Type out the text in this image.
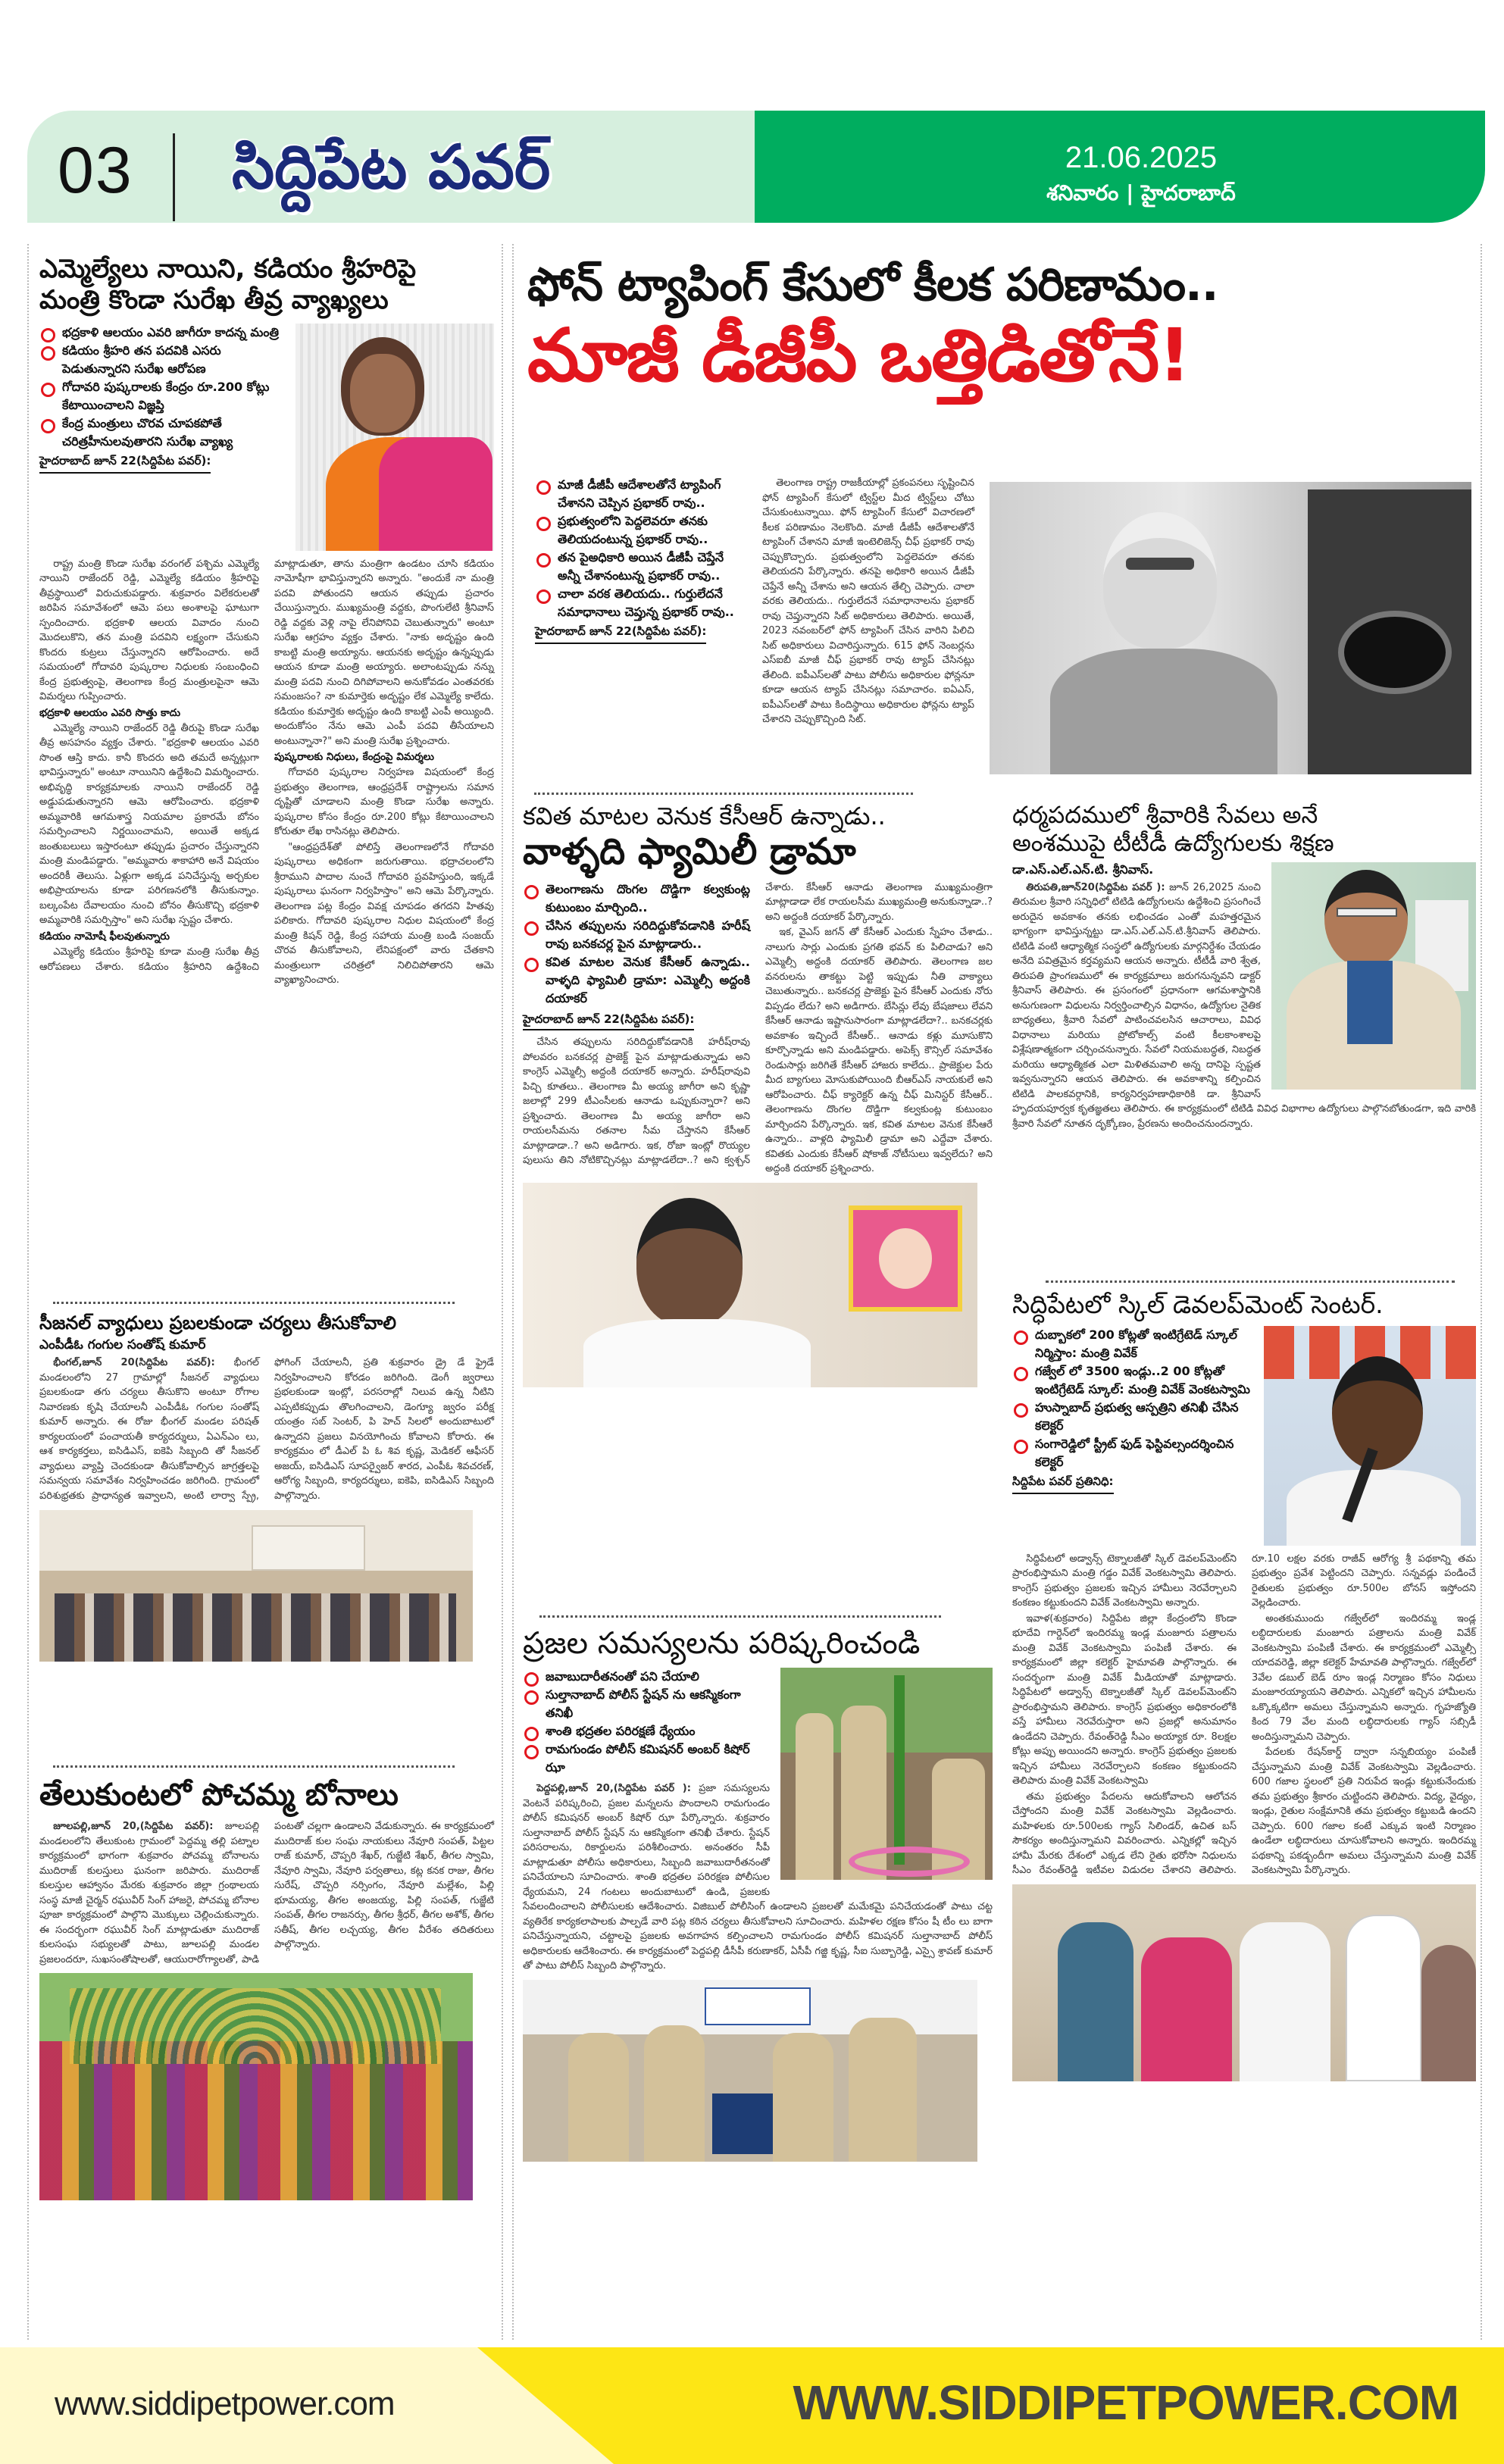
03 సిద్దిపేట పవర్	21.06.2025
శనివారం | హైదరాబాద్
ఎమ్మెల్యేలు నాయిని, కడియం శ్రీహరిపై
మంత్రి కొండా సురేఖ తీవ్ర వ్యాఖ్యలు
భద్రకాళి ఆలయం ఎవరి జాగీరూ కాదన్న మంత్రి
కడియం శ్రీహరి తన పదవికి ఎసరు పెడుతున్నారని సురేఖ ఆరోపణ
గోదావరి పుష్కరాలకు కేంద్రం రూ.200 కోట్లు కేటాయించాలని విజ్ఞప్తి
కేంద్ర మంత్రులు చొరవ చూపకపోతే చరిత్రహీనులవుతారని సురేఖ వ్యాఖ్య
హైదరాబాద్ జూన్ 22(సిద్దిపేట పవర్):

రాష్ట్ర మంత్రి కొండా సురేఖ వరంగల్ పశ్చిమ ఎమ్మెల్యే నాయిని రాజేందర్ రెడ్డి, ఎమ్మెల్యే కడియం శ్రీహరిపై తీవ్రస్థాయిలో విరుచుకుపడ్డారు. శుక్రవారం విలేకరులతో జరిపిన సమావేశంలో ఆమె పలు అంశాలపై ఘాటుగా స్పందించారు. భద్రకాళి ఆలయ వివాదం నుంచి మొదలుకొని, తన మంత్రి పదవిని లక్ష్యంగా చేసుకుని కొందరు కుట్రలు చేస్తున్నారని ఆరోపించారు. అదే సమయంలో గోదావరి పుష్కరాల నిధులకు సంబంధించి కేంద్ర ప్రభుత్వంపై, తెలంగాణ కేంద్ర మంత్రులపైనా ఆమె విమర్శలు గుప్పించారు.

భద్రకాళి ఆలయం ఎవరి సొత్తు కాదు

ఎమ్మెల్యే నాయిని రాజేందర్ రెడ్డి తీరుపై కొండా సురేఖ తీవ్ర అసహనం వ్యక్తం చేశారు. "భద్రకాళి ఆలయం ఎవరి సొంత ఆస్తి కాదు. కానీ కొందరు అది తమదే అన్నట్లుగా భావిస్తున్నారు" అంటూ నాయినిని ఉద్దేశించి విమర్శించారు. అభివృద్ధి కార్యక్రమాలకు నాయిని రాజేందర్ రెడ్డి అడ్డుపడుతున్నారని ఆమె ఆరోపించారు. భద్రకాళి అమ్మవారికి ఆగమశాస్త్ర నియమాల ప్రకారమే బోనం సమర్పించాలని నిర్ణయించామని, అయితే అక్కడ జంతుబలులు ఇస్తారంటూ తప్పుడు ప్రచారం చేస్తున్నారని మంత్రి మండిపడ్డారు. "అమ్మవారు శాకాహారి అనే విషయం అందరికీ తెలుసు. ఏళ్లుగా అక్కడ పనిచేస్తున్న అర్చకుల అభిప్రాయాలను కూడా పరిగణనలోకి తీసుకున్నాం. బల్కంపేట దేవాలయం నుంచి బోనం తీసుకొచ్చి భద్రకాళి అమ్మవారికి సమర్పిస్తాం" అని సురేఖ స్పష్టం చేశారు.

కడియం నామోషీ ఫీలవుతున్నారు

ఎమ్మెల్యే కడియం శ్రీహరిపై కూడా మంత్రి సురేఖ తీవ్ర ఆరోపణలు చేశారు. కడియం శ్రీహరిని ఉద్దేశించి మాట్లాడుతూ, తాను మంత్రిగా ఉండటం చూసి కడియం నామోషీగా భావిస్తున్నారని అన్నారు. "అందుకే నా మంత్రి పదవి పోతుందని ఆయన తప్పుడు ప్రచారం చేయిస్తున్నారు. ముఖ్యమంత్రి వద్దకు, పొంగులేటి శ్రీనివాస్ రెడ్డి వద్దకు వెళ్లి నాపై లేనిపోనివి చెబుతున్నారు" అంటూ సురేఖ ఆగ్రహం వ్యక్తం చేశారు. "నాకు అదృష్టం ఉంది కాబట్టి మంత్రి అయ్యాను. ఆయనకు అదృష్టం ఉన్నప్పుడు ఆయన కూడా మంత్రి అయ్యారు. అలాంటప్పుడు నన్ను మంత్రి పదవి నుంచి దిగిపోవాలని అనుకోవడం ఎంతవరకు సమంజసం? నా కుమార్తెకు అదృష్టం లేక ఎమ్మెల్యే కాలేదు. కడియం కుమార్తెకు అదృష్టం ఉంది కాబట్టి ఎంపీ అయ్యింది. అందుకోసం నేను ఆమె ఎంపీ పదవి తీసేయాలని అంటున్నానా?" అని మంత్రి సురేఖ ప్రశ్నించారు.

పుష్కరాలకు నిధులు, కేంద్రంపై విమర్శలు

గోదావరి పుష్కరాల నిర్వహణ విషయంలో కేంద్ర ప్రభుత్వం తెలంగాణ, ఆంధ్రప్రదేశ్ రాష్ట్రాలను సమాన దృష్టితో చూడాలని మంత్రి కొండా సురేఖ అన్నారు. పుష్కరాల కోసం కేంద్రం రూ.200 కోట్లు కేటాయించాలని కోరుతూ లేఖ రాసినట్లు తెలిపారు.

"ఆంధ్రప్రదేశ్‌తో పోలిస్తే తెలంగాణలోనే గోదావరి పుష్కరాలు అధికంగా జరుగుతాయి. భద్రాచలంలోని శ్రీరాముని పాదాల నుంచే గోదావరి ప్రవహిస్తుంది, ఇక్కడే పుష్కరాలు ఘనంగా నిర్వహిస్తాం" అని ఆమె పేర్కొన్నారు. తెలంగాణ పట్ల కేంద్రం వివక్ష చూపడం తగదని హితవు పలికారు. గోదావరి పుష్కరాల నిధుల విషయంలో కేంద్ర మంత్రి కిషన్ రెడ్డి, కేంద్ర సహాయ మంత్రి బండి సంజయ్ చొరవ తీసుకోవాలని, లేనిపక్షంలో వారు చేతకాని మంత్రులుగా చరిత్రలో నిలిచిపోతారని ఆమె వ్యాఖ్యానించారు.

సీజనల్ వ్యాధులు ప్రబలకుండా చర్యలు తీసుకోవాలి
ఎంపీడీఓ గంగుల సంతోష్ కుమార్

భీంగల్,జూన్ 20(సిద్దిపేట పవర్): భీంగల్ మండలంలోని 27 గ్రామాల్లో సీజనల్ వ్యాధులు ప్రబలకుండా తగు చర్యలు తీసుకొని అంటూ రోగాల నివారణకు కృషి చేయాలనీ ఎంపీడీఓ గంగుల సంతోష్ కుమార్ అన్నారు. ఈ రోజు భీంగల్ మండల పరిషత్ కార్యలయంలో పంచాయతీ కార్యదర్శులు, ఏఎన్ఎం లు, ఆశ కార్యకర్తలు, ఐసిడిఎస్, ఐకెపి సిబ్బంది తో సీజనల్ వ్యాధులు వ్యాప్తి చెందకుండా తీసుకోవాల్సిన జాగ్రత్తలపై సమన్వయ సమావేశం నిర్వహించడం జరిగింది. గ్రామంలో పరిశుభ్రతకు ప్రాధాన్యత ఇవ్వాలని, అంటి లార్వా స్ప్రే, ఫోగింగ్ చేయాలనీ, ప్రతి శుక్రవారం డ్రై డే ఫ్రైడే నిర్వహించాలని కోరడం జరిగింది. డెంగీ జ్వరాలు ప్రభలకుండా ఇంట్లో, పరసరాల్లో నిలువ ఉన్న నీటిని ఎప్పటికప్పుడు తొలగించాలని, డెంగ్యూ జ్వరం పరీక్ష యంత్రం సబ్ సెంటర్, పి హెచ్ సిలలో అందుబాటులో ఉన్నాదని ప్రజలు వినయోగించు కోవాలని కోరారు. ఈ కార్యక్రమం లో డీఎల్ పి ఓ శివ కృష్ణ, మెడికల్ ఆఫీసర్ అజయ్, ఐసిడిఎస్ సూపర్వైజర్ శారద, ఎంపీఓ శివచరణ్, ఆరోగ్య సిబ్బంది, కార్యదర్శులు, ఐకెపి, ఐసిడిఎస్ సిబ్బంది పాల్గొన్నారు.

తేలుకుంటలో పోచమ్మ బోనాలు

జూలపల్లి,జూన్ 20,(సిద్దిపేట పవర్): జూలపల్లి మండలంలోని తేలుకుంట గ్రామంలో పెద్దమ్మ తల్లి పట్నాల కార్యక్రమంలో భాగంగా శుక్రవారం పోచమ్మ బోనాలను ముదిరాజ్ కులస్తులు ఘనంగా జరిపారు. ముదిరాజ్ కులస్తుల ఆహ్వానం మేరకు శుక్రవారం జిల్లా గ్రంథాలయ సంస్థ మాజీ చైర్మన్ రఘువీర్ సింగ్ హాజరై, పోచమ్మ బోనాల పూజా కార్యక్రమంలో పాల్గొని మొక్కులు చెల్లించుకున్నారు. ఈ సందర్భంగా రఘువీర్ సింగ్ మాట్లాడుతూ ముదిరాజ్ కులసంఘ సభ్యులతో పాటు, జూలపల్లి మండల ప్రజలందరూ, సుఖసంతోషాలతో, ఆయురారోగ్యాలతో, పాడి పంటతో చల్లగా ఉండాలని వేడుకున్నారు. ఈ కార్యక్రమంలో ముదిరాజ్ కుల సంఘ నాయకులు నేవూరి సంపత్, పిట్టల రాజ్ కుమార్, చొప్పరి శేఖర్, గుజ్జేటి శేఖర్, తీగల స్వామి, నేవూరి స్వామి, నేవూరి పర్వతాలు, కట్ల కనక రాజు, తీగల సురేష్, చొప్పరి నర్సింగం, నేవూరి మల్లేశం, పిల్లి భూమయ్య, తీగల అంజయ్య, పిల్లి సంపత్, గుజ్జేటి సంపత్, తీగల రాజనర్సు, తీగల శ్రీధర్, తీగల అశోక్, తీగల సతీష్, తీగల లచ్చయ్య, తీగల వీరేశం తదితరులు పాల్గొన్నారు.

ఫోన్ ట్యాపింగ్ కేసులో కీలక పరిణామం..
మాజీ డీజీపీ ఒత్తిడితోనే!
మాజీ డీజీపీ ఆదేశాలతోనే ట్యాపింగ్ చేశానని చెప్పిన ప్రభాకర్ రావు..
ప్రభుత్వంలోని పెద్దలెవరూ తనకు తెలియదంటున్న ప్రభాకర్ రావు..
తన పైఅధికారి అయిన డీజీపీ చెప్తేనే అన్నీ చేశానంటున్న ప్రభాకర్ రావు..
చాలా వరక తెలియదు.. గుర్తులేదనే సమాధానాలు చెప్తున్న ప్రభాకర్ రావు..
హైదరాబాద్ జూన్ 22(సిద్దిపేట పవర్):

తెలంగాణ రాష్ట్ర రాజకీయాల్లో ప్రకంపనలు సృష్టించిన ఫోన్ ట్యాపింగ్ కేసులో ట్విస్ట్‌ల మీద ట్విస్ట్‌లు చోటు చేసుకుంటున్నాయి. ఫోన్ ట్యాపింగ్ కేసులో విచారణలో కీలక పరిణామం నెలకొంది. మాజీ డీజీపీ ఆదేశాలతోనే ట్యాపింగ్ చేశానని మాజీ ఇంటెలిజెన్స్ చీఫ్ ప్రభాకర్ రావు చెప్పుకొచ్చారు. ప్రభుత్వంలోని పెద్దలెవరూ తనకు తెలియదని పేర్కొన్నారు. తనపై అధికారి అయిన డీజీపీ చెప్తేనే అన్నీ చేశాను అని ఆయన తేల్చి చెప్పారు. చాలా వరకు తెలియదు.. గుర్తులేదనే సమాధానాలను ప్రభాకర్ రావు చెప్తున్నారని సిట్ అధికారులు తెలిపారు. అయితే, 2023 నవంబర్‌లో ఫోన్ ట్యాపింగ్ చేసిన వారిని పిలిచి సిట్ అధికారులు విచారిస్తున్నారు. 615 ఫోన్ నెంబర్లను ఎస్ఐబీ మాజీ చీఫ్ ప్రభాకర్ రావు ట్యాప్ చేసినట్లు తేలింది. ఐపీఎస్‌లతో పాటు పోలీసు అధికారుల ఫోన్లనూ కూడా ఆయన ట్యాప్ చేసినట్లు సమాచారం. ఐఏఎస్, ఐపీఎస్‌లతో పాటు కిందిస్థాయి అధికారుల ఫోన్లను ట్యాప్ చేశారని చెప్పుకొచ్చింది సిట్.

కవిత మాటల వెనుక కేసీఆర్ ఉన్నాడు..
వాళ్ళది ఫ్యామిలీ డ్రామా
తెలంగాణను దొంగల దొడ్డిగా కల్వకుంట్ల కుటుంబం మార్చింది..
చేసిన తప్పులను సరిదిద్దుకోవడానికి హరీష్ రావు బనకచర్ల పైన మాట్లాడారు..
కవిత మాటల వెనుక కేసీఆర్ ఉన్నాడు.. వాళ్ళది ఫ్యామిలీ డ్రామా: ఎమ్మెల్సీ అద్దంకి దయాకర్
హైదరాబాద్ జూన్ 22(సిద్దిపేట పవర్):

చేసిన తప్పులను సరిదిద్దుకోవడానికి హరీష్‌రావు పోలవరం బనకచర్ల ప్రాజెక్ట్ పైన మాట్లాడుతున్నాడు అని కాంగ్రెస్ ఎమ్మెల్సీ అద్దంకి దయాకర్ అన్నారు. హరీష్‌రావువి పిచ్చి కూతలు.. తెలంగాణ మీ అయ్య జాగీరా అని కృష్ణా జలాల్లో 299 టీఎంసీలకు ఆనాడు ఒప్పుకున్నారా? అని ప్రశ్నించారు. తెలంగాణ మీ అయ్య జాగీరా అని రాయలసీమను రతనాల సీమ చేస్తానని కేసీఆర్ మాట్లాడాడా..? అని అడిగారు. ఇక, రోజా ఇంట్లో రొయ్యల పులుసు తిని నోటికొచ్చినట్లు మాట్లాడలేదా..? అని క్వశ్చన్ చేశారు. కేసీఆర్ ఆనాడు తెలంగాణ ముఖ్యమంత్రిగా మాట్లాడాడా లేక రాయలసీమ ముఖ్యమంత్రి అనుకున్నాడా..? అని అద్దంకి దయాకర్ పేర్కొన్నారు.

ఇక, వైఎస్ జగన్ తో కేసీఆర్ ఎందుకు స్నేహం చేశాడు.. నాలుగు సార్లు ఎందుకు ప్రగతి భవన్ కు పిలిచాడు? అని ఎమ్మెల్సీ అద్దంకి దయాకర్ తెలిపారు. తెలంగాణ జల వనరులను తాకట్టు పెట్టి ఇప్పుడు నీతి వాక్యాలు చెబుతున్నారు.. బనకచర్ల ప్రాజెక్టు పైన కేసీఆర్ ఎందుకు నోరు విప్పడం లేదు? అని అడిగారు. బేసిన్లు లేవు బేషజాలు లేవని కేసీఆర్ ఆనాడు ఇష్టానుసారంగా మాట్లాడలేదా?.. బనకచర్లకు అవకాశం ఇచ్చిందే కేసీఆర్.. ఆనాడు కళ్లు మూసుకొని కూర్చొన్నాడు అని మండిపడ్డారు. అపెక్స్ కౌన్సిల్ సమావేశం రెండుసార్లు జరిగితే కేసీఆర్ హాజరు కాలేదు.. ప్రాజెక్టుల పేరు మీద బ్యాగులు మోసుకుపోయింది బీఆర్ఎస్ నాయకులే అని ఆరోపించారు. చీఫ్ క్యారెక్టర్ ఉన్న చీఫ్ మినిస్టర్ కేసీఆర్.. తెలంగాణను దొంగల దొడ్డిగా కల్వకుంట్ల కుటుంబం మార్చిందని పేర్కొన్నారు. ఇక, కవిత మాటల వెనుక కేసీఆరే ఉన్నారు.. వాళ్లది ఫ్యామిలీ డ్రామా అని ఎద్దేవా చేశారు. కవితకు ఎందుకు కేసీఆర్ షోకాజ్ నోటీసులు ఇవ్వలేదు? అని అద్దంకి దయాకర్ ప్రశ్నించారు.

ప్రజల సమస్యలను పరిష్కరించండి
జవాబుదారీతనంతో పని చేయాలి
సుల్తానాబాద్ పోలీస్ స్టేషన్ ను ఆకస్మికంగా తనిఖీ
శాంతి భద్రతల పరిరక్షణే ధ్యేయం
రామగుండం పోలీస్ కమిషనర్ అంబర్ కిషోర్ ఝా

పెద్దపల్లి,జూన్ 20,(సిద్దిపేట పవర్ ): ప్రజా సమస్యలను వెంటనే పరిష్కరించి, ప్రజల మన్నలను పొందాలని రామగుండం పోలీస్ కమిషనర్ అంబర్ కిషోర్ ఝా పేర్కొన్నారు. శుక్రవారం సుల్తానాబాద్ పోలీస్ స్టేషన్ ను ఆకస్మికంగా తనిఖీ చేశారు. స్టేషన్ పరిసరాలను, రికార్డులను పరిశీలించారు. అనంతరం సీపీ మాట్లాడుతూ పోలీసు అధికారులు, సిబ్బంది జవాబుదారీతనంతో పనిచేయాలని సూచించారు. శాంతి భద్రతల పరిరక్షణ పోలీసుల ధ్యేయమని, 24 గంటలు అందుబాటులో ఉండి, ప్రజలకు సేవలందించాలని పోలీసులకు ఆదేశించారు. విజిబుల్ పోలీసింగ్ ఉండాలని ప్రజలతో మమేకమై పనిచేయడంతో పాటు చట్ట వ్యతిరేక కార్యకలాపాలకు పాల్పడే వారి పట్ల కఠిన చర్యలు తీసుకోవాలని సూచించారు. మహిళల రక్షణ కోసం షీ టీం లు బాగా పనిచేస్తున్నాయని, చట్టాలపై ప్రజలకు అవగాహన కల్పించాలని రామగుండం పోలీస్ కమిషనర్ సుల్తానాబాద్ పోలీస్ అధికారులకు ఆదేశించారు. ఈ కార్యక్రమంలో పెద్దపల్లి డీసీపీ కరుణాకర్, ఏసీపీ గజ్జి కృష్ణ, సీఐ సుబ్బారెడ్డి, ఎస్సై శ్రావణ్ కుమార్ తో పాటు పోలీస్ సిబ్బంది పాల్గొన్నారు.

ధర్మపదములో శ్రీవారికి సేవలు అనే
అంశముపై టీటీడీ ఉద్యోగులకు శిక్షణ
డా.ఎస్.ఎల్.ఎన్.టి. శ్రీనివాస్.

తిరుపతి,జూన్20(సిద్దిపేట పవర్ ): జూన్ 26,2025 నుంచి తిరుమల శ్రీవారి సన్నిధిలో టిటిడి ఉద్యోగులను ఉద్దేశించి ప్రసంగించే అరుదైన అవకాశం తనకు లభించడం ఎంతో మహత్తరమైన భాగ్యంగా భావిస్తున్నట్టు డా.ఎస్.ఎల్.ఎన్.టి.శ్రీనివాస్ తెలిపారు. టిటిడి వంటి ఆధ్యాత్మిక సంస్థలో ఉద్యోగులకు మార్గనిర్దేశం చేయడం అనేది పవిత్రమైన కర్తవ్యమని ఆయన అన్నారు. టీటీడీ వారి శ్వేత, తిరుపతి ప్రాంగణములో ఈ కార్యక్రమాలు జరుగనున్నవని డాక్టర్ శ్రీనివాస్ తెలిపారు. ఈ ప్రసంగంలో ప్రధానంగా ఆగమశాస్త్రానికి అనుగుణంగా విధులను నిర్వర్తించాల్సిన విధానం, ఉద్యోగుల నైతిక బాధ్యతలు, శ్రీవారి సేవలో పాటించవలసిన ఆచారాలు, వివిధ విధానాలు మరియు ప్రోటోకాల్స్ వంటి కీలకాంశాలపై విశ్లేషణాత్మకంగా చర్చించనున్నారు. సేవలో నియమబద్ధత, నిబద్ధత మరియు ఆధ్యాత్మికత ఎలా మిళితమవాలి అన్న దానిపై స్పష్టత ఇవ్వనున్నారని ఆయన తెలిపారు. ఈ అవకాశాన్ని కల్పించిన టిటిడి పాలకవర్గానికి, కార్యనిర్వహణాధికారికి డా. శ్రీనివాస్ హృదయపూర్వక కృతజ్ఞతలు తెలిపారు. ఈ కార్యక్రమంలో టిటిడి వివిధ విభాగాల ఉద్యోగులు పాల్గొనబోతుండగా, ఇది వారికి శ్రీవారి సేవలో నూతన దృక్కోణం, ప్రేరణను అందించనుందన్నారు.

సిద్ధిపేటలో స్కిల్ డెవలప్‌మెంట్ సెంటర్.
దుబ్బాకలో 200 కోట్లతో ఇంటిగ్రేటెడ్ స్కూల్ నిర్మిస్తాం: మంత్రి వివేక్
గజ్వేల్ లో 3500 ఇండ్లు..2 00 కోట్లతో ఇంటిగ్రేటెడ్ స్కూల్: మంత్రి వివేక్ వెంకటస్వామి
హుస్నాబాద్ ప్రభుత్వ ఆస్పత్రిని తనిఖీ చేసిన కలెక్టర్
సంగారెడ్డిలో స్ట్రీట్ ఫుడ్ ఫెస్టివల్సందర్శించిన కలెక్టర్
సిద్దిపేట పవర్ ప్రతినిధి:

సిద్ధిపేటలో అడ్వాన్స్ టెక్నాలజీతో స్కిల్ డెవలప్‌మెంట్‌ని ప్రారంభిస్తామని మంత్రి గడ్డం వివేక్ వెంకటస్వామి తెలిపారు. కాంగ్రెస్ ప్రభుత్వం ప్రజలకు ఇచ్చిన హామీలు నెరవేర్చాలని కంకణం కట్టుకుందని వివేక్ వెంకటస్వామి అన్నారు.

ఇవాళ(శుక్రవారం) సిద్దిపేట జిల్లా కేంద్రంలోని కొండా భూదేవి గార్డెన్‌లో ఇందిరమ్మ ఇండ్ల మంజూరు పత్రాలను మంత్రి వివేక్ వెంకటస్వామి పంపిణీ చేశారు. ఈ కార్యక్రమంలో జిల్లా కలెక్టర్ హైమావతి పాల్గొన్నారు. ఈ సందర్భంగా మంత్రి వివేక్ మీడియాతో మాట్లాడారు. సిద్ధిపేటలో అడ్వాన్స్ టెక్నాలజీతో స్కిల్ డెవలప్‌మెంట్‌ని ప్రారంభిస్తామని తెలిపారు. కాంగ్రెస్ ప్రభుత్వం అధికారంలోకి వస్తే హామీలు నెరవేరుస్తారా అని ప్రజల్లో అనుమానం ఉండేదని చెప్పారు. రేవంత్‌రెడ్డి సీఎం అయ్యాక రూ. 8లక్షల కోట్లు అప్పు అయిందని అన్నారు. కాంగ్రెస్ ప్రభుత్వం ప్రజలకు ఇచ్చిన హామీలు నెరవేర్చాలని కంకణం కట్టుకుందని తెలిపారు మంత్రి వివేక్ వెంకటస్వామి

తమ ప్రభుత్వం పేదలను ఆదుకోవాలని ఆలోచన చేస్తోందని మంత్రి వివేక్ వెంకటస్వామి వెల్లడించారు. మహిళలకు రూ.500లకు గ్యాస్ సిలిండర్, ఉచిత బస్ సౌకర్యం అందిస్తున్నామని వివరించారు. ఎన్నికల్లో ఇచ్చిన హామీ మేరకు దేశంలో ఎక్కడ లేని రైతు భరోసా నిధులను సీఎం రేవంత్‌రెడ్డి ఇటీవల విడుదల చేశారని తెలిపారు. రూ.10 లక్షల వరకు రాజీవ్ ఆరోగ్య శ్రీ పథకాన్ని తమ ప్రభుత్వం ప్రవేశ పెట్టిందని చెప్పారు. సన్నవడ్లు పండించే రైతులకు ప్రభుత్వం రూ.500ల బోనస్ ఇస్తోందని వెల్లడించారు.

అంతకుముందు గజ్వేల్‌లో ఇందిరమ్మ ఇండ్ల లబ్ధిదారులకు మంజూరు పత్రాలను మంత్రి వివేక్ వెంకటస్వామి పంపిణీ చేశారు. ఈ కార్యక్రమంలో ఎమ్మెల్సీ యాదవరెడ్డి, జిల్లా కలెక్టర్ హేమావతి పాల్గొన్నారు. గజ్వేల్‌లో 3వేల డబుల్ బెడ్ రూం ఇండ్ల నిర్మాణం కోసం నిధులు మంజూరయ్యాయని తెలిపారు. ఎన్నికలో ఇచ్చిన హామీలను ఒక్కొక్కటిగా అమలు చేస్తున్నామని అన్నారు. గృహజ్యోతి కింద 79 వేల మంది లబ్ధిదారులకు గ్యాస్ సబ్సిడీ అందిస్తున్నామని చెప్పారు.

పేదలకు రేషన్‌కార్డ్ ద్వారా సన్నబియ్యం పంపిణీ చేస్తున్నామని మంత్రి వివేక్ వెంకటస్వామి వెల్లడించారు. 600 గజాల స్థలంలో ప్రతి నిరుపేద ఇండ్లు కట్టుకునేందుకు తమ ప్రభుత్వం శ్రీకారం చుట్టిందని తెలిపారు. విద్య, వైద్యం, ఇండ్లు, రైతుల సంక్షేమానికి తమ ప్రభుత్వం కట్టుబడి ఉందని చెప్పారు. 600 గజాల కంటే ఎక్కువ ఇంటి నిర్మాణం ఉండేలా లబ్ధిదారులు చూసుకోవాలని అన్నారు. ఇందిరమ్మ పథకాన్ని పకడ్బందీగా అమలు చేస్తున్నామని మంత్రి వివేక్ వెంకటస్వామి పేర్కొన్నారు.

www.siddipetpower.com	WWW.SIDDIPETPOWER.COM
